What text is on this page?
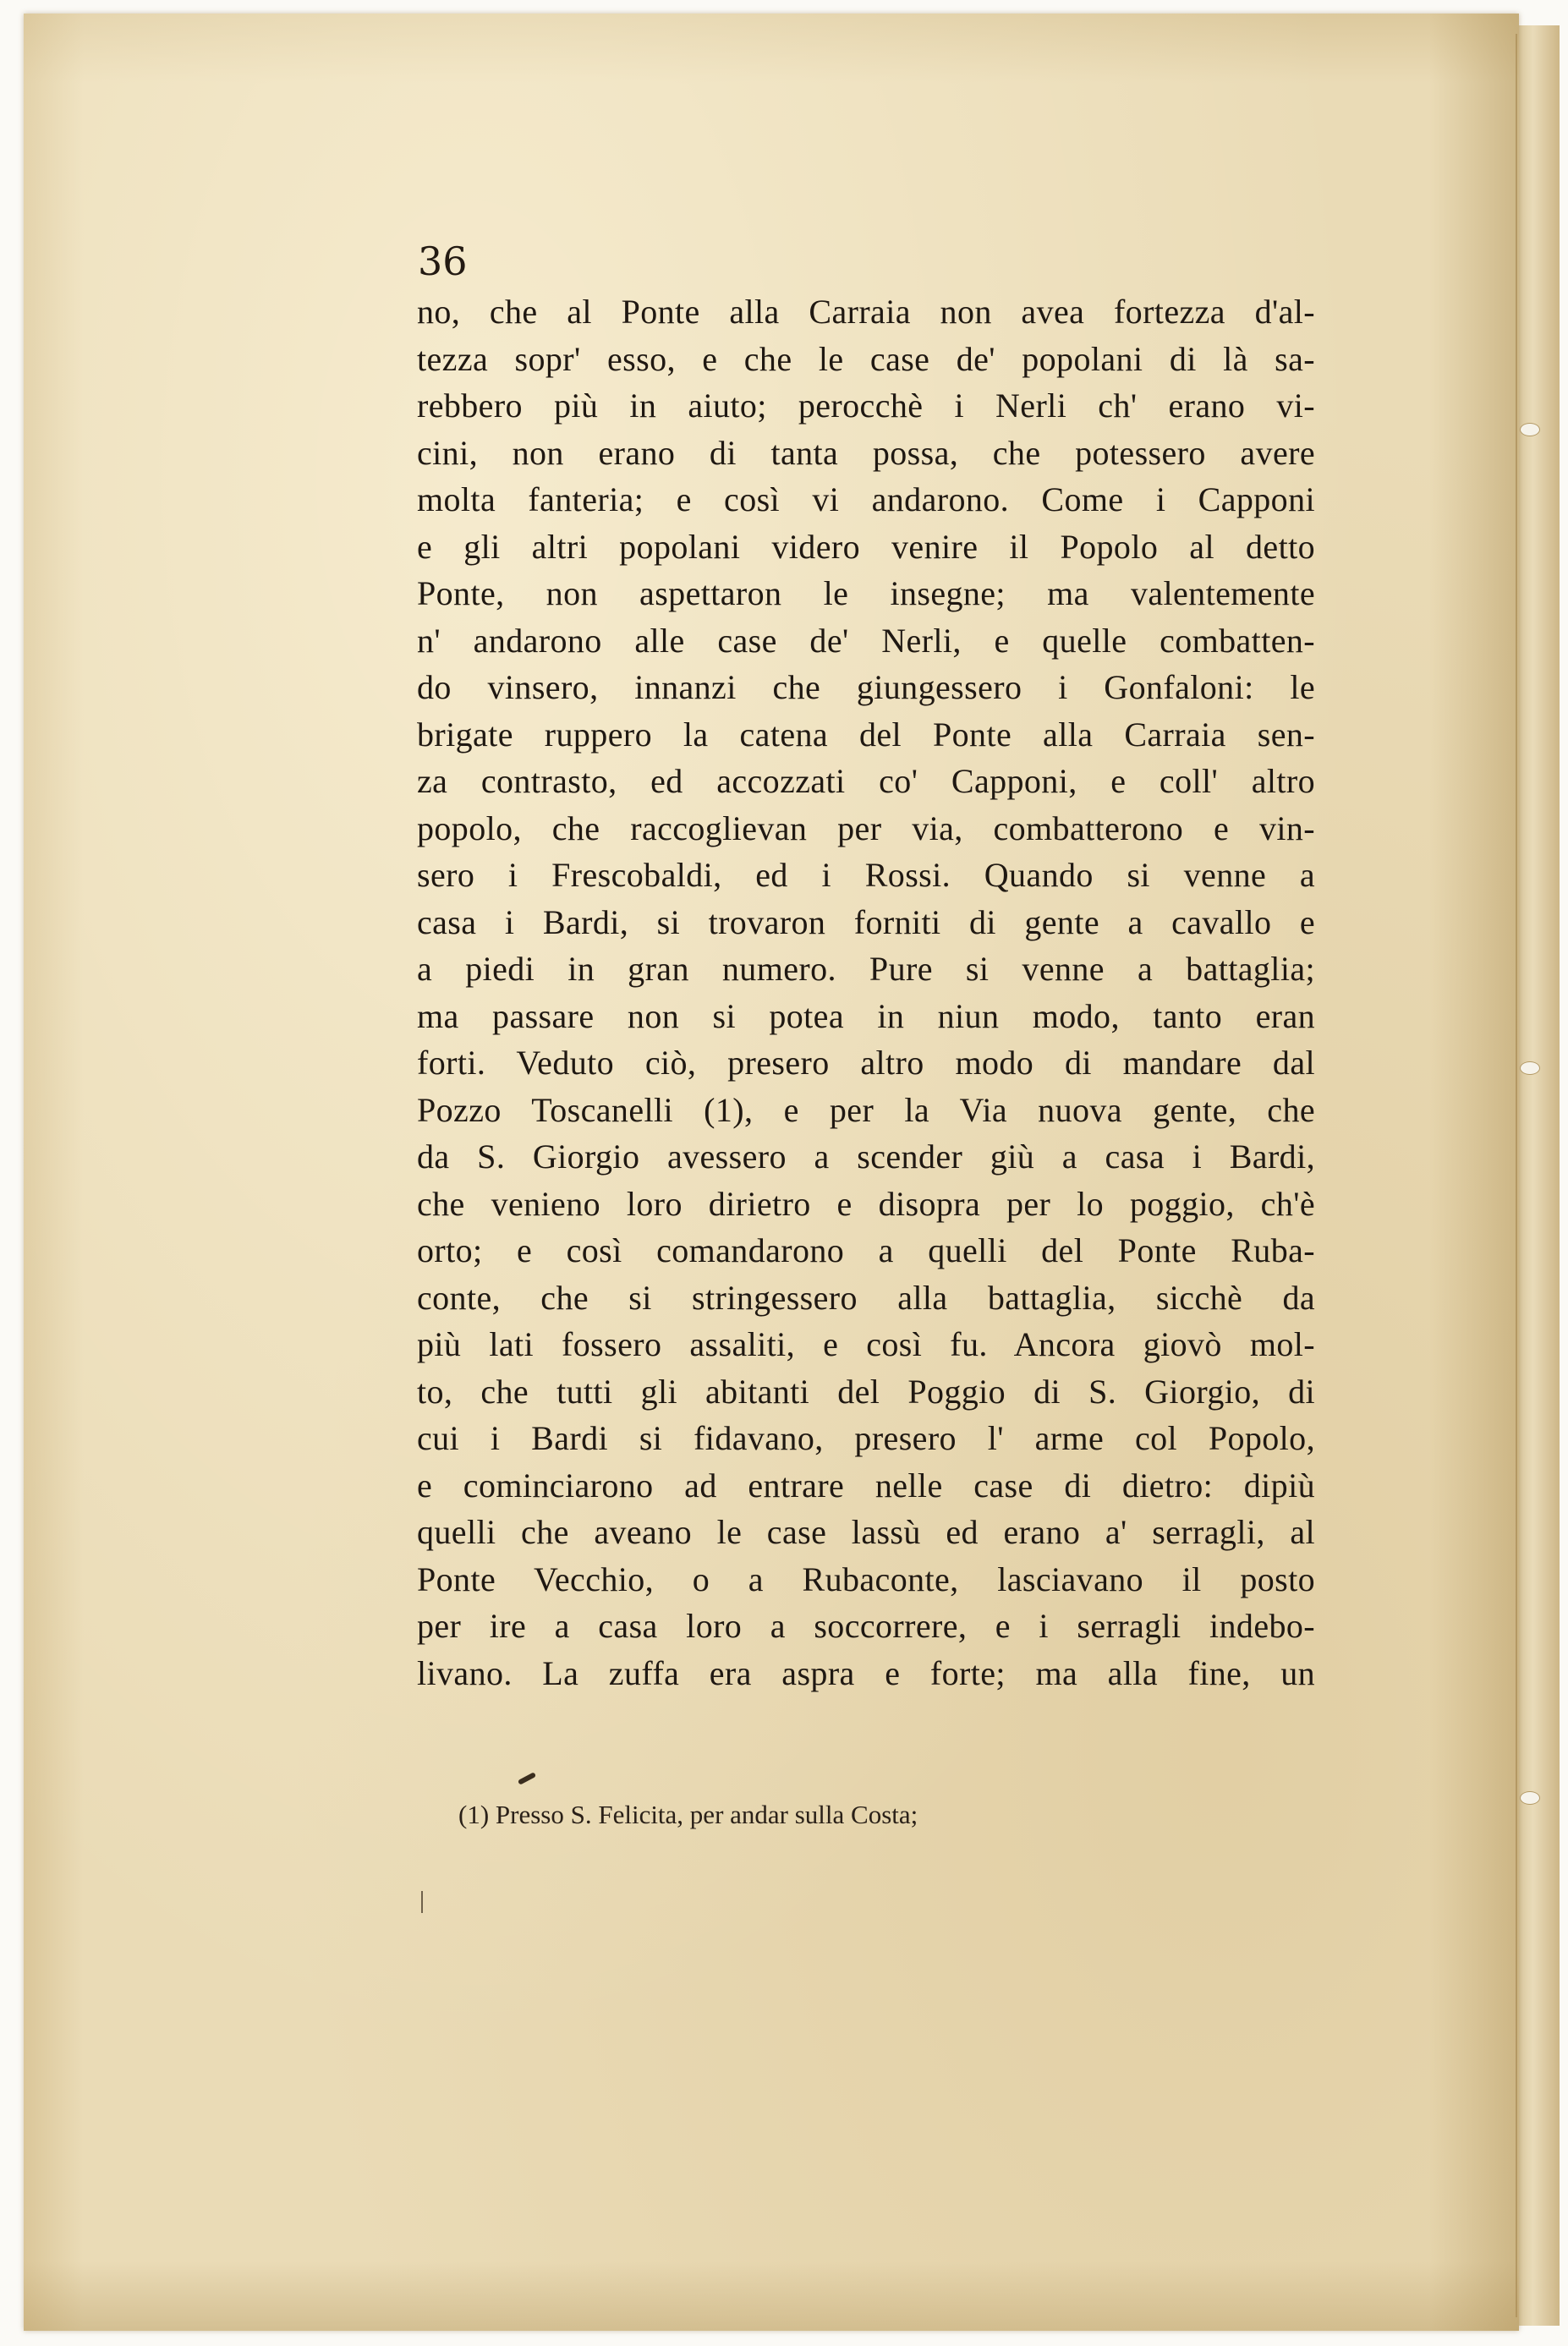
36
no, che al Ponte alla Carraia non avea fortezza d'al-
tezza sopr' esso, e che le case de' popolani di là sa-
rebbero più in aiuto; perocchè i Nerli ch' erano vi-
cini, non erano di tanta possa, che potessero avere
molta fanteria; e così vi andarono. Come i Capponi
e gli altri popolani videro venire il Popolo al detto
Ponte, non aspettaron le insegne; ma valentemente
n' andarono alle case de' Nerli, e quelle combatten-
do vinsero, innanzi che giungessero i Gonfaloni: le
brigate ruppero la catena del Ponte alla Carraia sen-
za contrasto, ed accozzati co' Capponi, e coll' altro
popolo, che raccoglievan per via, combatterono e vin-
sero i Frescobaldi, ed i Rossi. Quando si venne a
casa i Bardi, si trovaron forniti di gente a cavallo e
a piedi in gran numero. Pure si venne a battaglia;
ma passare non si potea in niun modo, tanto eran
forti. Veduto ciò, presero altro modo di mandare dal
Pozzo Toscanelli (1), e per la Via nuova gente, che
da S. Giorgio avessero a scender giù a casa i Bardi,
che venieno loro dirietro e disopra per lo poggio, ch'è
orto; e così comandarono a quelli del Ponte Ruba-
conte, che si stringessero alla battaglia, sicchè da
più lati fossero assaliti, e così fu. Ancora giovò mol-
to, che tutti gli abitanti del Poggio di S. Giorgio, di
cui i Bardi si fidavano, presero l' arme col Popolo,
e cominciarono ad entrare nelle case di dietro: dipiù
quelli che aveano le case lassù ed erano a' serragli, al
Ponte Vecchio, o a Rubaconte, lasciavano il posto
per ire a casa loro a soccorrere, e i serragli indebo-
livano. La zuffa era aspra e forte; ma alla fine, un
(1) Presso S. Felicita, per andar sulla Costa;
